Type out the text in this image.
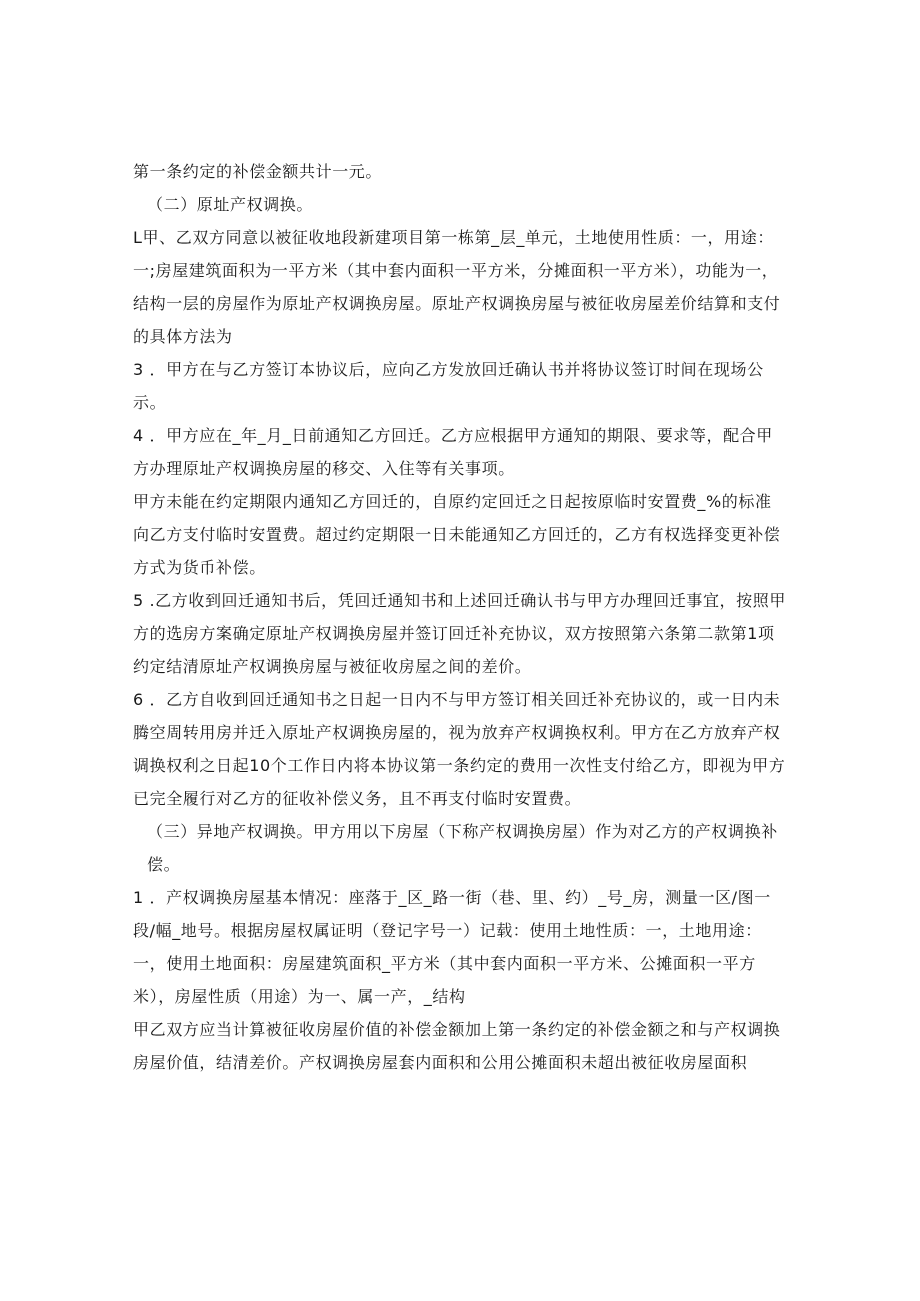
第一条约定的补偿金额共计一元。

（二）原址产权调换。

L甲、乙双方同意以被征收地段新建项目第一栋第_层_单元，土地使用性质：一，用途：一;房屋建筑面积为一平方米（其中套内面积一平方米，分摊面积一平方米），功能为一，结构一层的房屋作为原址产权调换房屋。原址产权调换房屋与被征收房屋差价结算和支付的具体方法为

3 ．甲方在与乙方签订本协议后，应向乙方发放回迁确认书并将协议签订时间在现场公示。

4 ．甲方应在_年_月_日前通知乙方回迁。乙方应根据甲方通知的期限、要求等，配合甲方办理原址产权调换房屋的移交、入住等有关事项。

甲方未能在约定期限内通知乙方回迁的，自原约定回迁之日起按原临时安置费_%的标准向乙方支付临时安置费。超过约定期限一日未能通知乙方回迁的，乙方有权选择变更补偿方式为货币补偿。

5 .乙方收到回迁通知书后，凭回迁通知书和上述回迁确认书与甲方办理回迁事宜，按照甲方的选房方案确定原址产权调换房屋并签订回迁补充协议，双方按照第六条第二款第1项约定结清原址产权调换房屋与被征收房屋之间的差价。

6 ．乙方自收到回迁通知书之日起一日内不与甲方签订相关回迁补充协议的，或一日内未腾空周转用房并迁入原址产权调换房屋的，视为放弃产权调换权利。甲方在乙方放弃产权调换权利之日起10个工作日内将本协议第一条约定的费用一次性支付给乙方，即视为甲方已完全履行对乙方的征收补偿义务，且不再支付临时安置费。

（三）异地产权调换。甲方用以下房屋（下称产权调换房屋）作为对乙方的产权调换补偿。

1 ．产权调换房屋基本情况：座落于_区_路一街（巷、里、约）_号_房，测量一区/图一段/幅_地号。根据房屋权属证明（登记字号一）记载：使用土地性质：一，土地用途：一，使用土地面积：房屋建筑面积_平方米（其中套内面积一平方米、公摊面积一平方米），房屋性质（用途）为一、属一产，_结构

甲乙双方应当计算被征收房屋价值的补偿金额加上第一条约定的补偿金额之和与产权调换房屋价值，结清差价。产权调换房屋套内面积和公用公摊面积未超出被征收房屋面积
